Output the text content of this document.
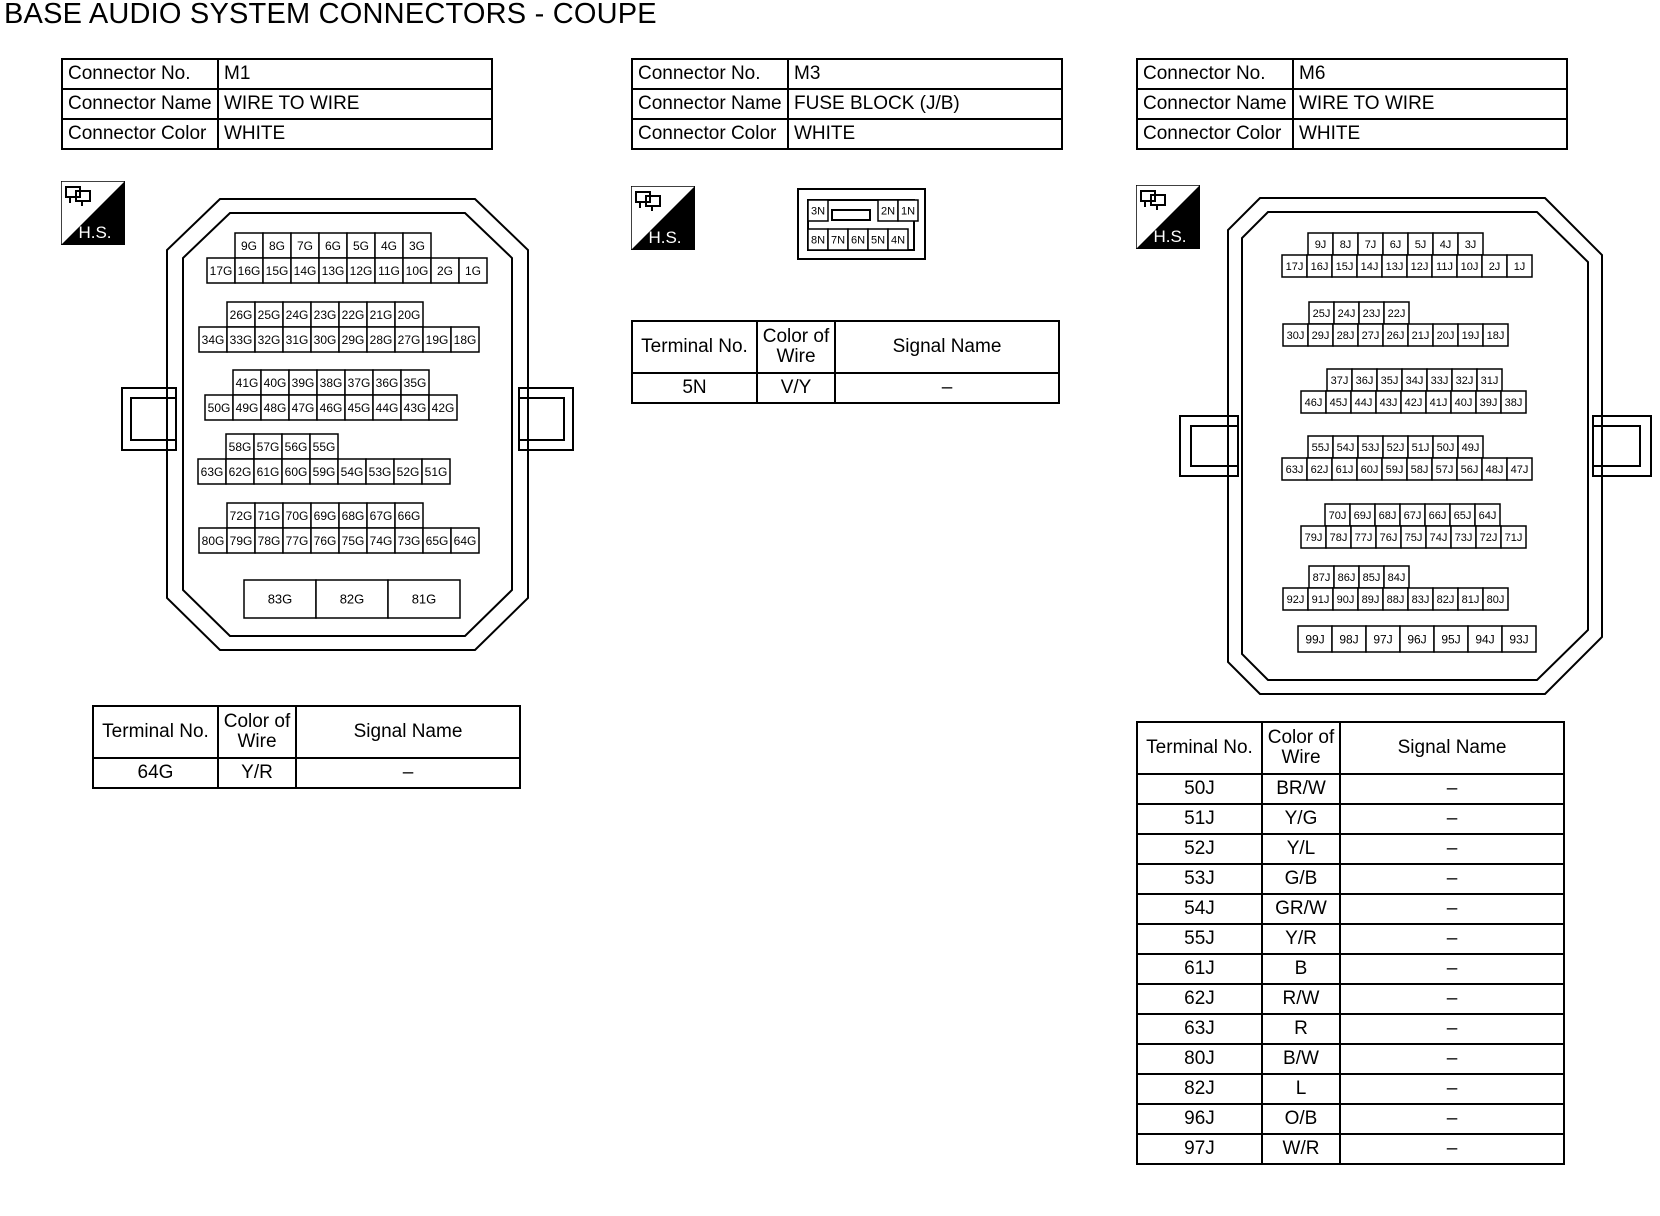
BASE AUDIO SYSTEM CONNECTORS - COUPE
Connector No.	M1
Connector Name	WIRE TO WIRE
Connector Color	WHITE
Connector No.	M3
Connector Name	FUSE BLOCK (J/B)
Connector Color	WHITE
Connector No.	M6
Connector Name	WIRE TO WIRE
Connector Color	WHITE
H.S.	H.S.	H.S.
9G 8G 7G 6G 5G 4G 3G
17G 16G 15G 14G 13G 12G 11G 10G 2G 1G
26G 25G 24G 23G 22G 21G 20G
34G 33G 32G 31G 30G 29G 28G 27G 19G 18G
41G 40G 39G 38G 37G 36G 35G
50G 49G 48G 47G 46G 45G 44G 43G 42G
58G 57G 56G 55G
63G 62G 61G 60G 59G 54G 53G 52G 51G
72G 71G 70G 69G 68G 67G 66G
80G 79G 78G 77G 76G 75G 74G 73G 65G 64G
83G	82G	81G
3N	2N 1N
8N 7N 6N 5N 4N	9J 8J 7J 6J 5J 4J 3J
17J 16J 15J 14J 13J 12J 11J 10J 2J 1J
25J 24J 23J 22J
30J 29J 28J 27J 26J 21J 20J 19J 18J
37J 36J 35J 34J 33J 32J 31J
46J 45J 44J 43J 42J 41J 40J 39J 38J
55J 54J 53J 52J 51J 50J 49J
63J 62J 61J 60J 59J 58J 57J 56J 48J 47J
70J 69J 68J 67J 66J 65J 64J
79J 78J 77J 76J 75J 74J 73J 72J 71J
87J 86J 85J 84J
92J 91J 90J 89J 88J 83J 82J 81J 80J
99J 98J 97J 96J 95J 94J 93J
Terminal No.	Color of Wire	Signal Name
64G	Y/R	–
Terminal No.	Color of Wire	Signal Name
5N	V/Y	–
Terminal No.	Color of Wire	Signal Name
50J	BR/W	–
51J	Y/G	–
52J	Y/L	–
53J	G/B	–
54J	GR/W	–
55J	Y/R	–
61J	B	–
62J	R/W	–
63J	R	–
80J	B/W	–
82J	L	–
96J	O/B	–
97J	W/R	–
